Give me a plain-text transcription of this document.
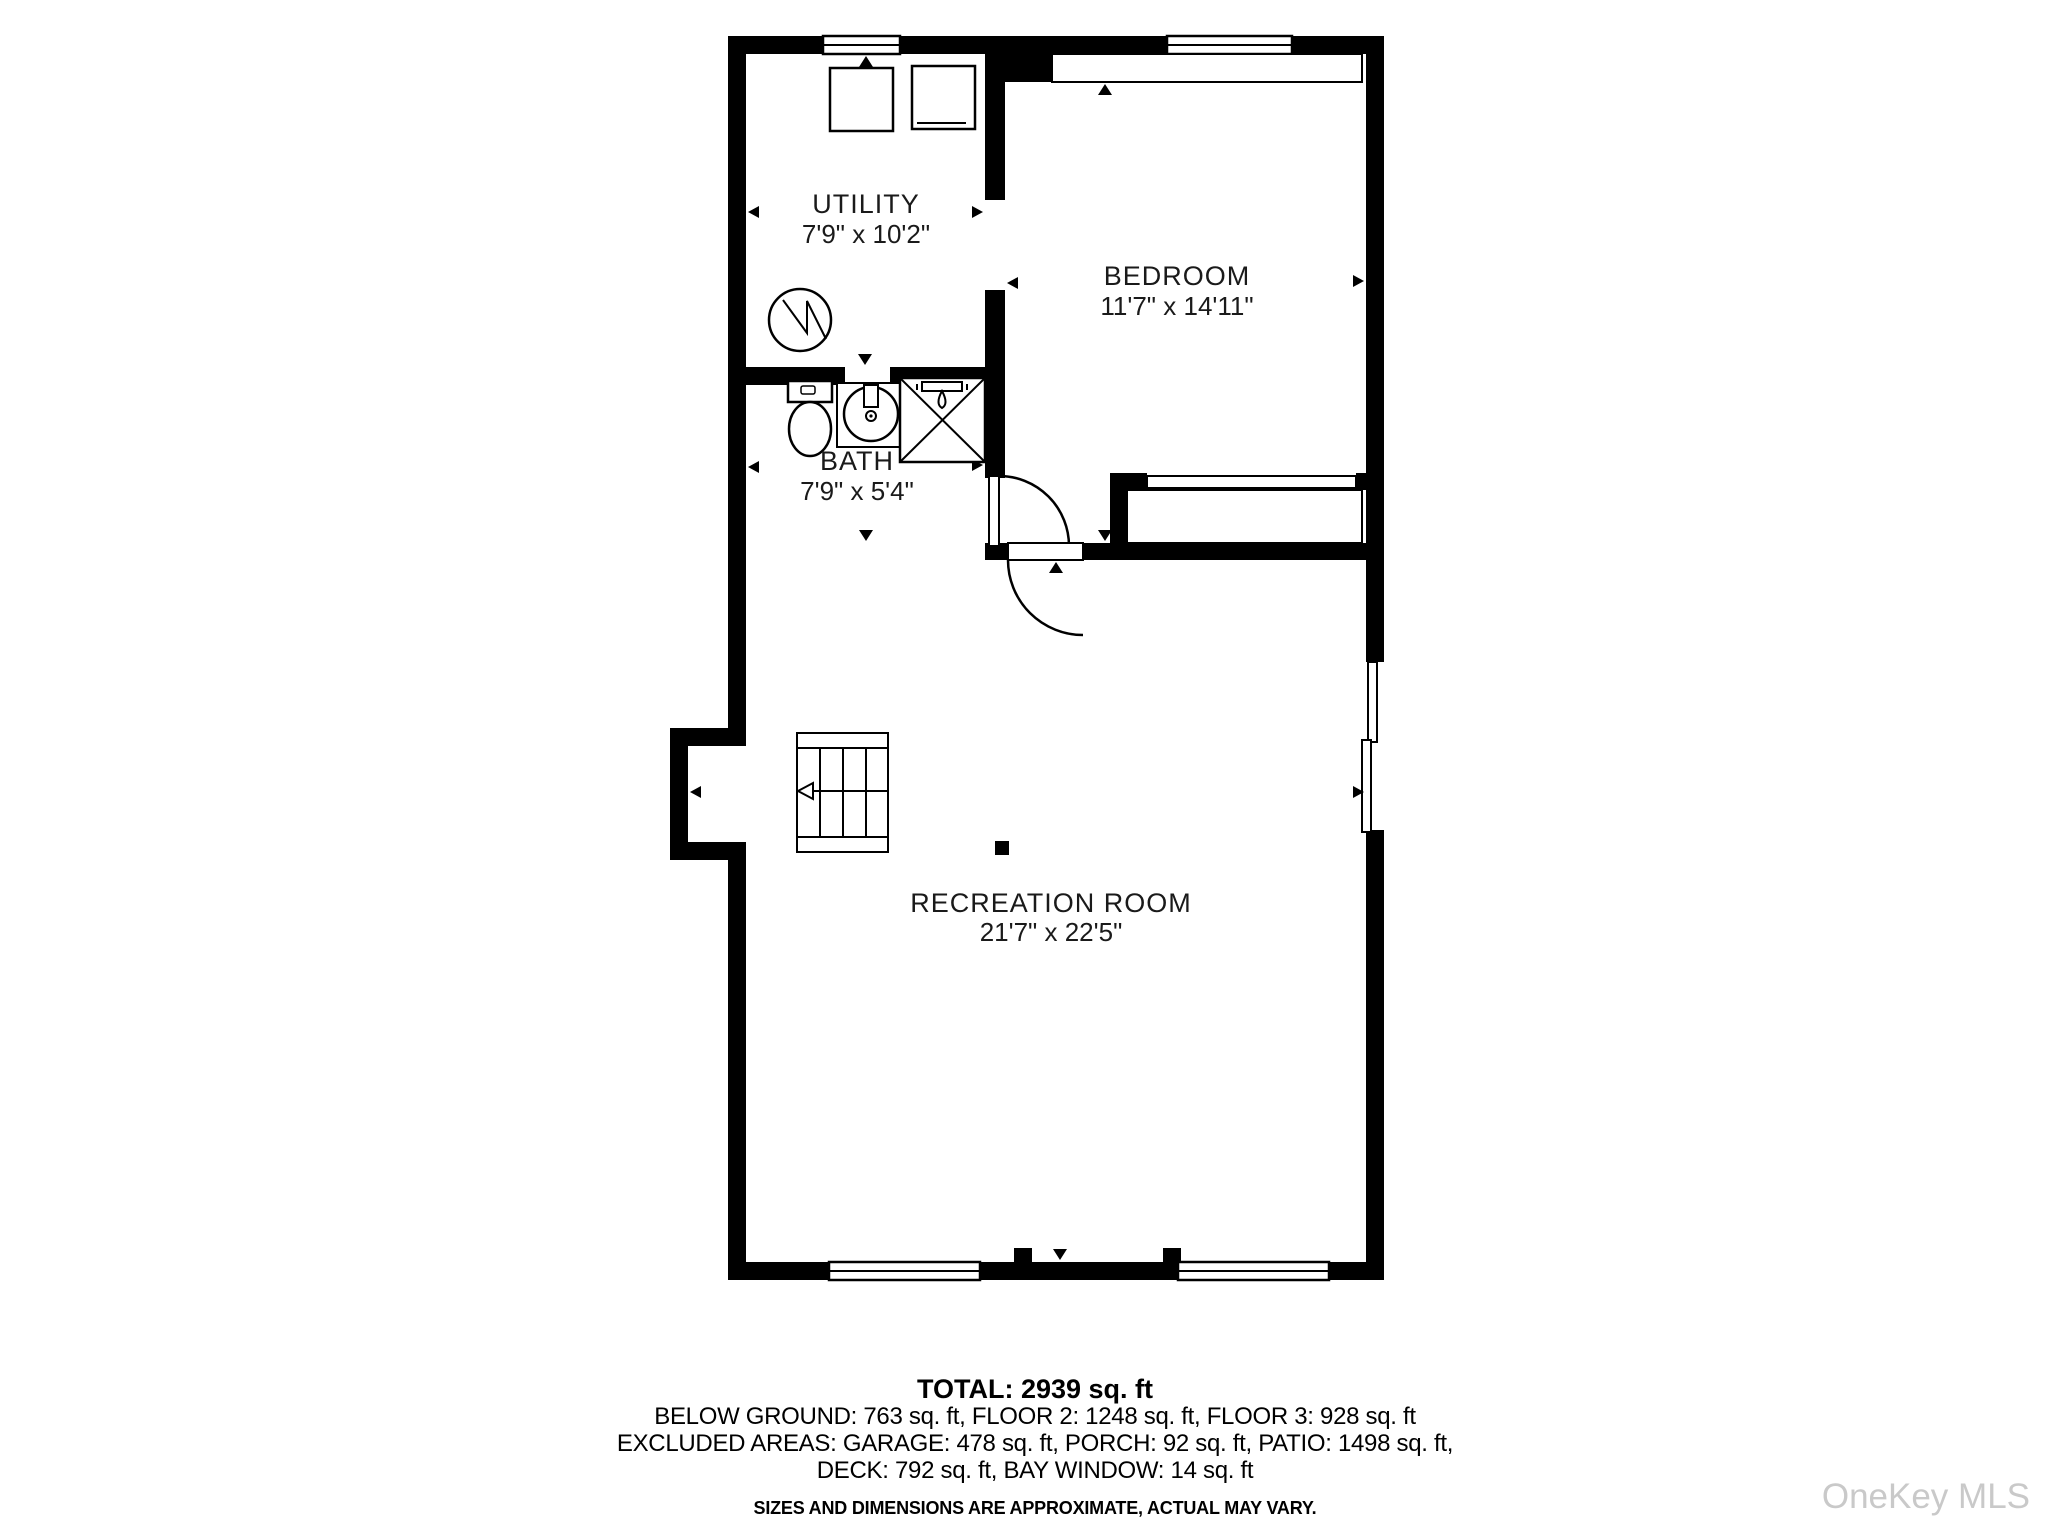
UTILITY
7'9" x 10'2"
BEDROOM
11'7" x 14'11"
BATH
7'9" x 5'4"
RECREATION ROOM
21'7" x 22'5"
TOTAL: 2939 sq. ft
BELOW GROUND: 763 sq. ft, FLOOR 2: 1248 sq. ft, FLOOR 3: 928 sq. ft
EXCLUDED AREAS: GARAGE: 478 sq. ft, PORCH: 92 sq. ft, PATIO: 1498 sq. ft,
DECK: 792 sq. ft, BAY WINDOW: 14 sq. ft
SIZES AND DIMENSIONS ARE APPROXIMATE, ACTUAL MAY VARY.	OneKey MLS
